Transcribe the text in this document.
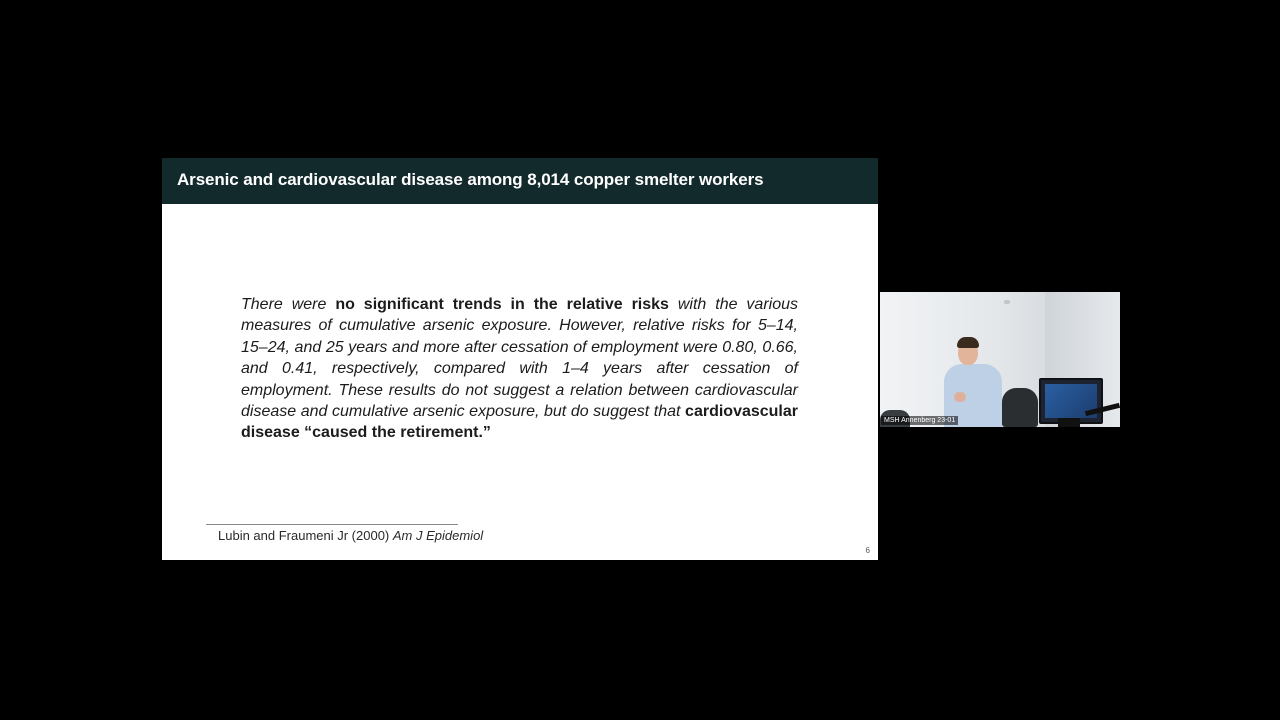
Arsenic and cardiovascular disease among 8,014 copper smelter workers

There were no significant trends in the relative risks with the various measures of cumulative arsenic exposure. However, relative risks for 5–14, 15–24, and 25 years and more after cessation of employment were 0.80, 0.66, and 0.41, respectively, compared with 1–4 years after cessation of employment. These results do not suggest a relation between cardiovascular disease and cumulative arsenic exposure, but do suggest that cardiovascular disease “caused the retirement.”

Lubin and Fraumeni Jr (2000) Am J Epidemiol
6
MSH Annenberg 23-01
